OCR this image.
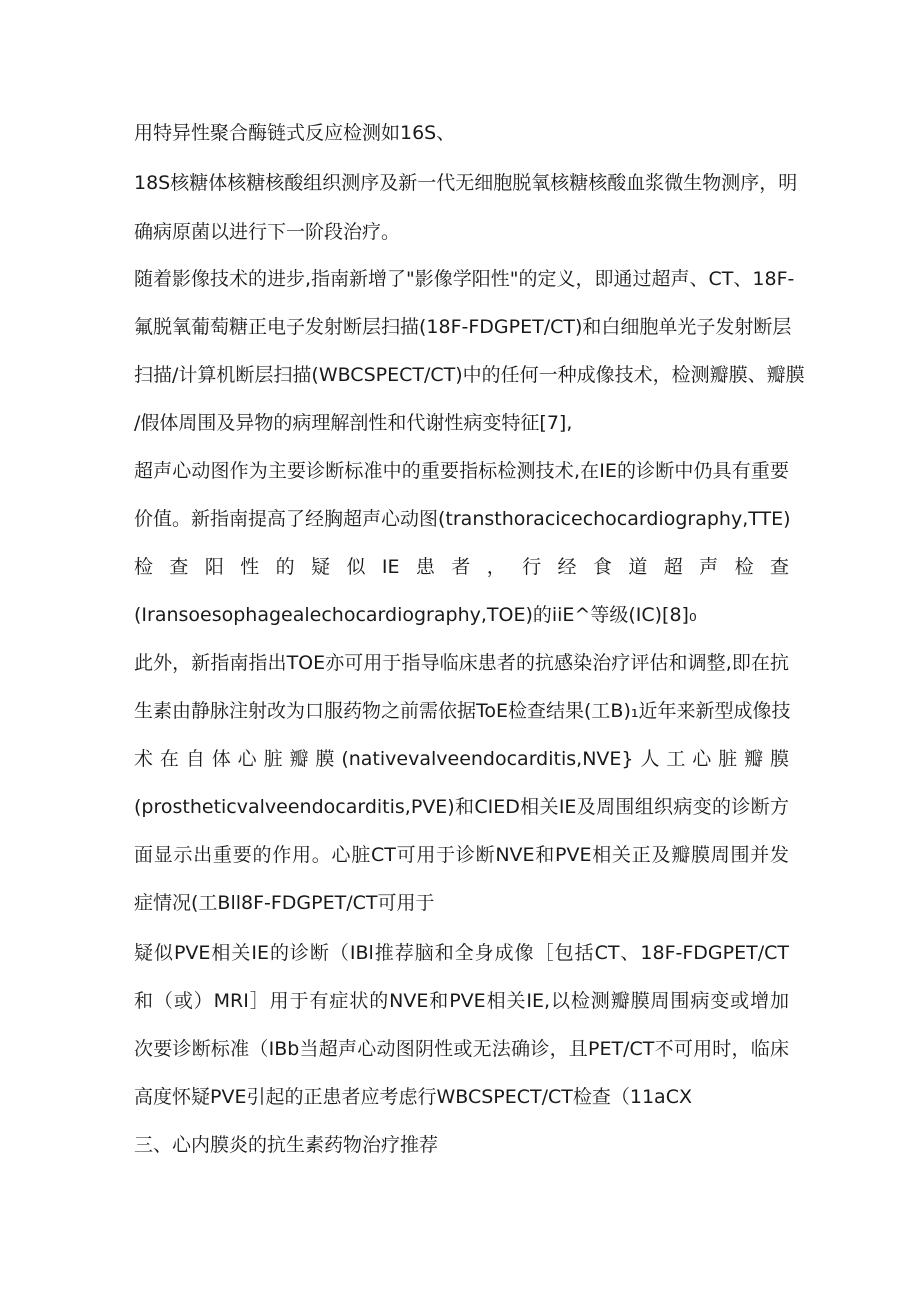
用特异性聚合酶链式反应检测如16S、
18S核糖体核糖核酸组织测序及新一代无细胞脱氧核糖核酸血浆微生物测序，明
确病原菌以进行下一阶段治疗。
随着影像技术的进步,指南新增了"影像学阳性"的定义，即通过超声、CT、18F-
氟脱氧葡萄糖正电子发射断层扫描(18F-FDGPET/CT)和白细胞单光子发射断层
扫描/计算机断层扫描(WBCSPECT/CT)中的任何一种成像技术，检测瓣膜、瓣膜
/假体周围及异物的病理解剖性和代谢性病变特征[7],
超声心动图作为主要诊断标准中的重要指标检测技术,在IE的诊断中仍具有重要
价值。新指南提高了经胸超声心动图(transthoracicechocardiography,TTE)
检查阳性的疑似IE患者，行经食道超声检查
(Iransoesophagealechocardiography,TOE)的iiE^等级(IC)[8]₀
此外，新指南指出TOE亦可用于指导临床患者的抗感染治疗评估和调整,即在抗
生素由静脉注射改为口服药物之前需依据ToE检查结果(工B)₁近年来新型成像技
术在自体心脏瓣膜(nativevalveendocarditis,NVE}人工心脏瓣膜
(prostheticvalveendocarditis,PVE)和CIED相关IE及周围组织病变的诊断方
面显示出重要的作用。心脏CT可用于诊断NVE和PVE相关正及瓣膜周围并发
症情况(工Bll8F-FDGPET/CT可用于
疑似PVE相关IE的诊断（IBl推荐脑和全身成像［包括CT、18F-FDGPET/CT
和（或）MRI］用于有症状的NVE和PVE相关IE,以检测瓣膜周围病变或增加
次要诊断标准（IBb当超声心动图阴性或无法确诊，且PET/CT不可用时，临床
高度怀疑PVE引起的正患者应考虑行WBCSPECT/CT检查（11aCX
三、心内膜炎的抗生素药物治疗推荐
